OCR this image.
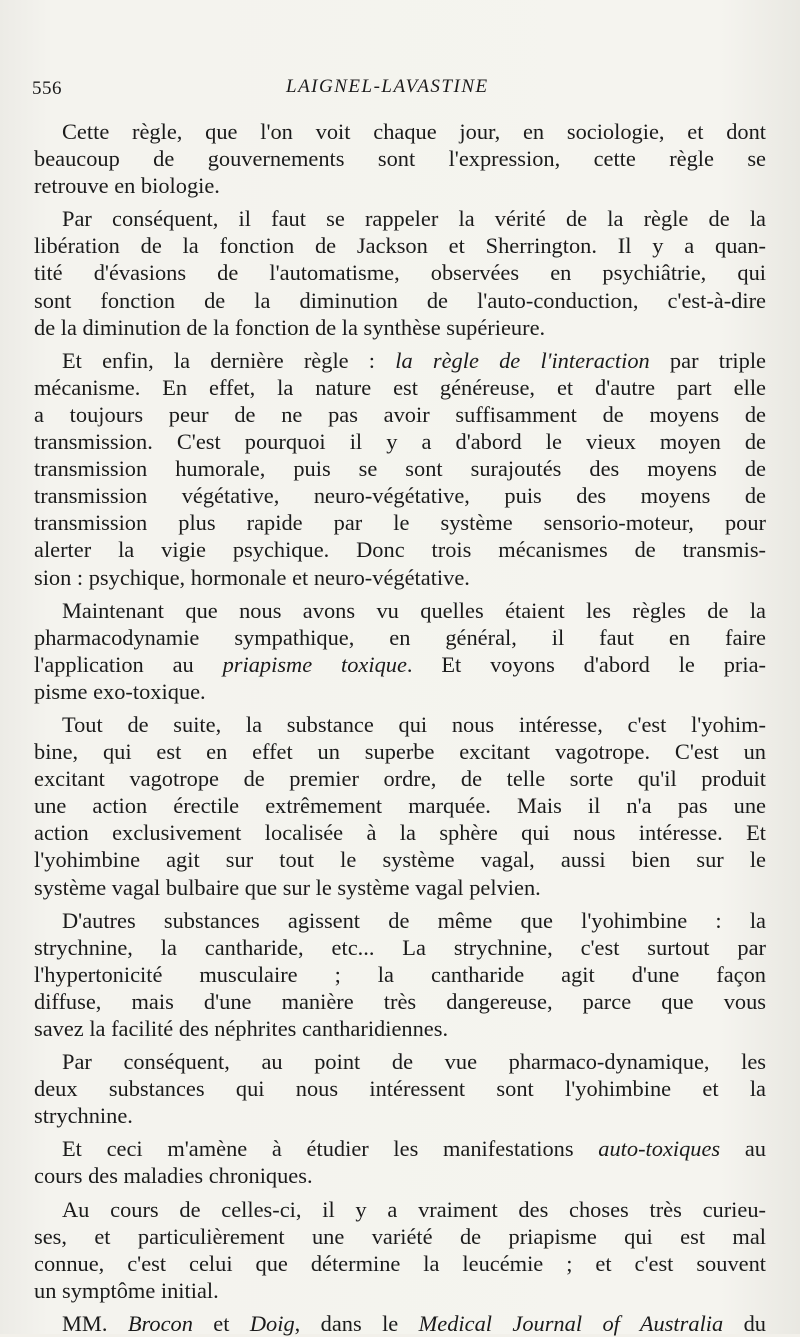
556	LAIGNEL-LAVASTINE
Cette règle, que l'on voit chaque jour, en sociologie, et dont
beaucoup de gouvernements sont l'expression, cette règle se
retrouve en biologie.
Par conséquent, il faut se rappeler la vérité de la règle de la
libération de la fonction de Jackson et Sherrington. Il y a quan-
tité d'évasions de l'automatisme, observées en psychiâtrie, qui
sont fonction de la diminution de l'auto-conduction, c'est-à-dire
de la diminution de la fonction de la synthèse supérieure.
Et enfin, la dernière règle : la règle de l'interaction par triple
mécanisme. En effet, la nature est généreuse, et d'autre part elle
a toujours peur de ne pas avoir suffisamment de moyens de
transmission. C'est pourquoi il y a d'abord le vieux moyen de
transmission humorale, puis se sont surajoutés des moyens de
transmission végétative, neuro-végétative, puis des moyens de
transmission plus rapide par le système sensorio-moteur, pour
alerter la vigie psychique. Donc trois mécanismes de transmis-
sion : psychique, hormonale et neuro-végétative.
Maintenant que nous avons vu quelles étaient les règles de la
pharmacodynamie sympathique, en général, il faut en faire
l'application au priapisme toxique. Et voyons d'abord le pria-
pisme exo-toxique.
Tout de suite, la substance qui nous intéresse, c'est l'yohim-
bine, qui est en effet un superbe excitant vagotrope. C'est un
excitant vagotrope de premier ordre, de telle sorte qu'il produit
une action érectile extrêmement marquée. Mais il n'a pas une
action exclusivement localisée à la sphère qui nous intéresse. Et
l'yohimbine agit sur tout le système vagal, aussi bien sur le
système vagal bulbaire que sur le système vagal pelvien.
D'autres substances agissent de même que l'yohimbine : la
strychnine, la cantharide, etc... La strychnine, c'est surtout par
l'hypertonicité musculaire ; la cantharide agit d'une façon
diffuse, mais d'une manière très dangereuse, parce que vous
savez la facilité des néphrites cantharidiennes.
Par conséquent, au point de vue pharmaco-dynamique, les
deux substances qui nous intéressent sont l'yohimbine et la
strychnine.
Et ceci m'amène à étudier les manifestations auto-toxiques au
cours des maladies chroniques.
Au cours de celles-ci, il y a vraiment des choses très curieu-
ses, et particulièrement une variété de priapisme qui est mal
connue, c'est celui que détermine la leucémie ; et c'est souvent
un symptôme initial.
MM. Brocon et Doig, dans le Medical Journal of Australia du
